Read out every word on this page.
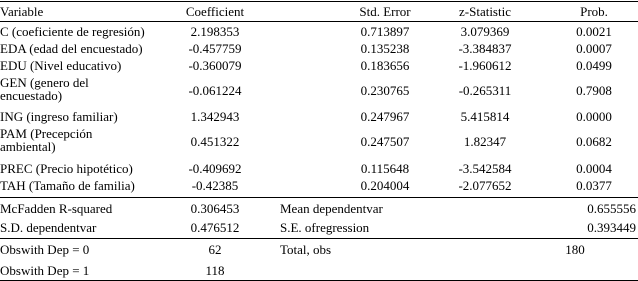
Variable	Coefficient	Std. Error	z-Statistic	Prob.
C (coeficiente de regresión)	2.198353	0.713897	3.079369	0.0021
EDA (edad del encuestado)	-0.457759	0.135238	-3.384837	0.0007
EDU (Nivel educativo)	-0.360079	0.183656	-1.960612	0.0499
GEN (genero del encuestado)	-0.061224	0.230765	-0.265311	0.7908
ING (ingreso familiar)	1.342943	0.247967	5.415814	0.0000
PAM (Precepción ambiental)	0.451322	0.247507	1.82347	0.0682
PREC (Precio hipotético)	-0.409692	0.115648	-3.542584	0.0004
TAH (Tamaño de familia)	-0.42385	0.204004	-2.077652	0.0377
McFadden R-squared	0.306453	Mean dependentvar	0.655556
S.D. dependentvar	0.476512	S.E. ofregression	0.393449
Obswith Dep = 0	62	Total, obs	180
Obswith Dep = 1	118
